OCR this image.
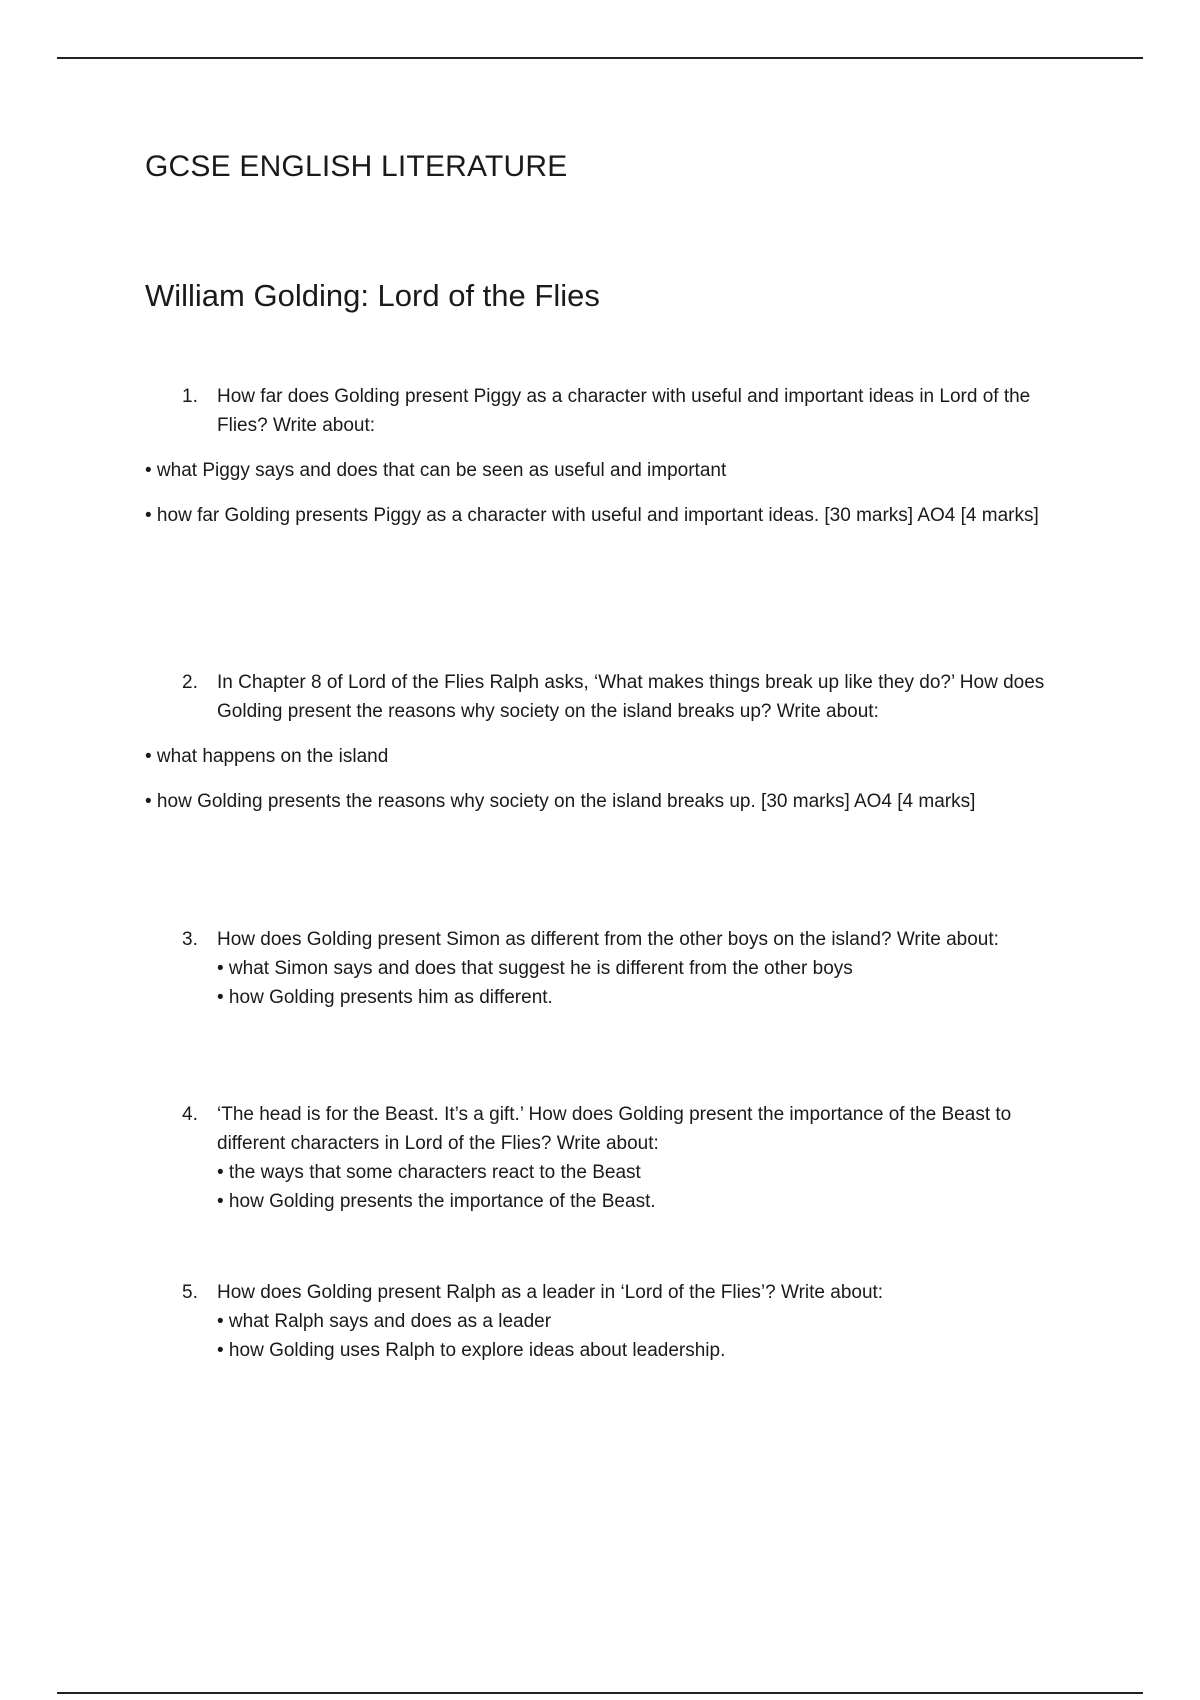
GCSE ENGLISH LITERATURE
William Golding: Lord of the Flies
1. How far does Golding present Piggy as a character with useful and important ideas in Lord of the Flies? Write about:
• what Piggy says and does that can be seen as useful and important
• how far Golding presents Piggy as a character with useful and important ideas. [30 marks] AO4 [4 marks]
2. In Chapter 8 of Lord of the Flies Ralph asks, ‘What makes things break up like they do?’ How does Golding present the reasons why society on the island breaks up? Write about:
• what happens on the island
• how Golding presents the reasons why society on the island breaks up. [30 marks] AO4 [4 marks]
3. How does Golding present Simon as different from the other boys on the island? Write about:
• what Simon says and does that suggest he is different from the other boys
• how Golding presents him as different.
4. ‘The head is for the Beast. It’s a gift.’ How does Golding present the importance of the Beast to different characters in Lord of the Flies? Write about:
• the ways that some characters react to the Beast
• how Golding presents the importance of the Beast.
5. How does Golding present Ralph as a leader in ‘Lord of the Flies’? Write about:
• what Ralph says and does as a leader
• how Golding uses Ralph to explore ideas about leadership.
